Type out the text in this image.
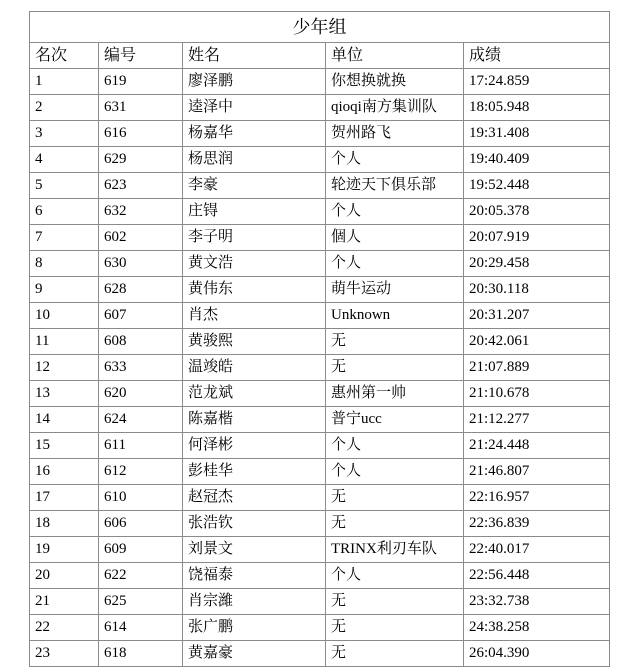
少年组				
名次	编号	姓名	单位	成绩
1	619	廖泽鹏	你想换就换	17:24.859
2	631	逵泽中	qioqi南方集训队	18:05.948
3	616	杨嘉华	贺州路飞	19:31.408
4	629	杨思润	个人	19:40.409
5	623	李豪	轮迹天下俱乐部	19:52.448
6	632	庄锝	个人	20:05.378
7	602	李子明	個人	20:07.919
8	630	黄文浩	个人	20:29.458
9	628	黄伟东	萌牛运动	20:30.118
10	607	肖杰	Unknown	20:31.207
11	608	黄骏熙	无	20:42.061
12	633	温竣皓	无	21:07.889
13	620	范龙斌	惠州第一帅	21:10.678
14	624	陈嘉楷	普宁ucc	21:12.277
15	611	何泽彬	个人	21:24.448
16	612	彭桂华	个人	21:46.807
17	610	赵冠杰	无	22:16.957
18	606	张浩钦	无	22:36.839
19	609	刘景文	TRINX利刃车队	22:40.017
20	622	饶福泰	个人	22:56.448
21	625	肖宗濰	无	23:32.738
22	614	张广鹏	无	24:38.258
23	618	黄嘉豪	无	26:04.390
